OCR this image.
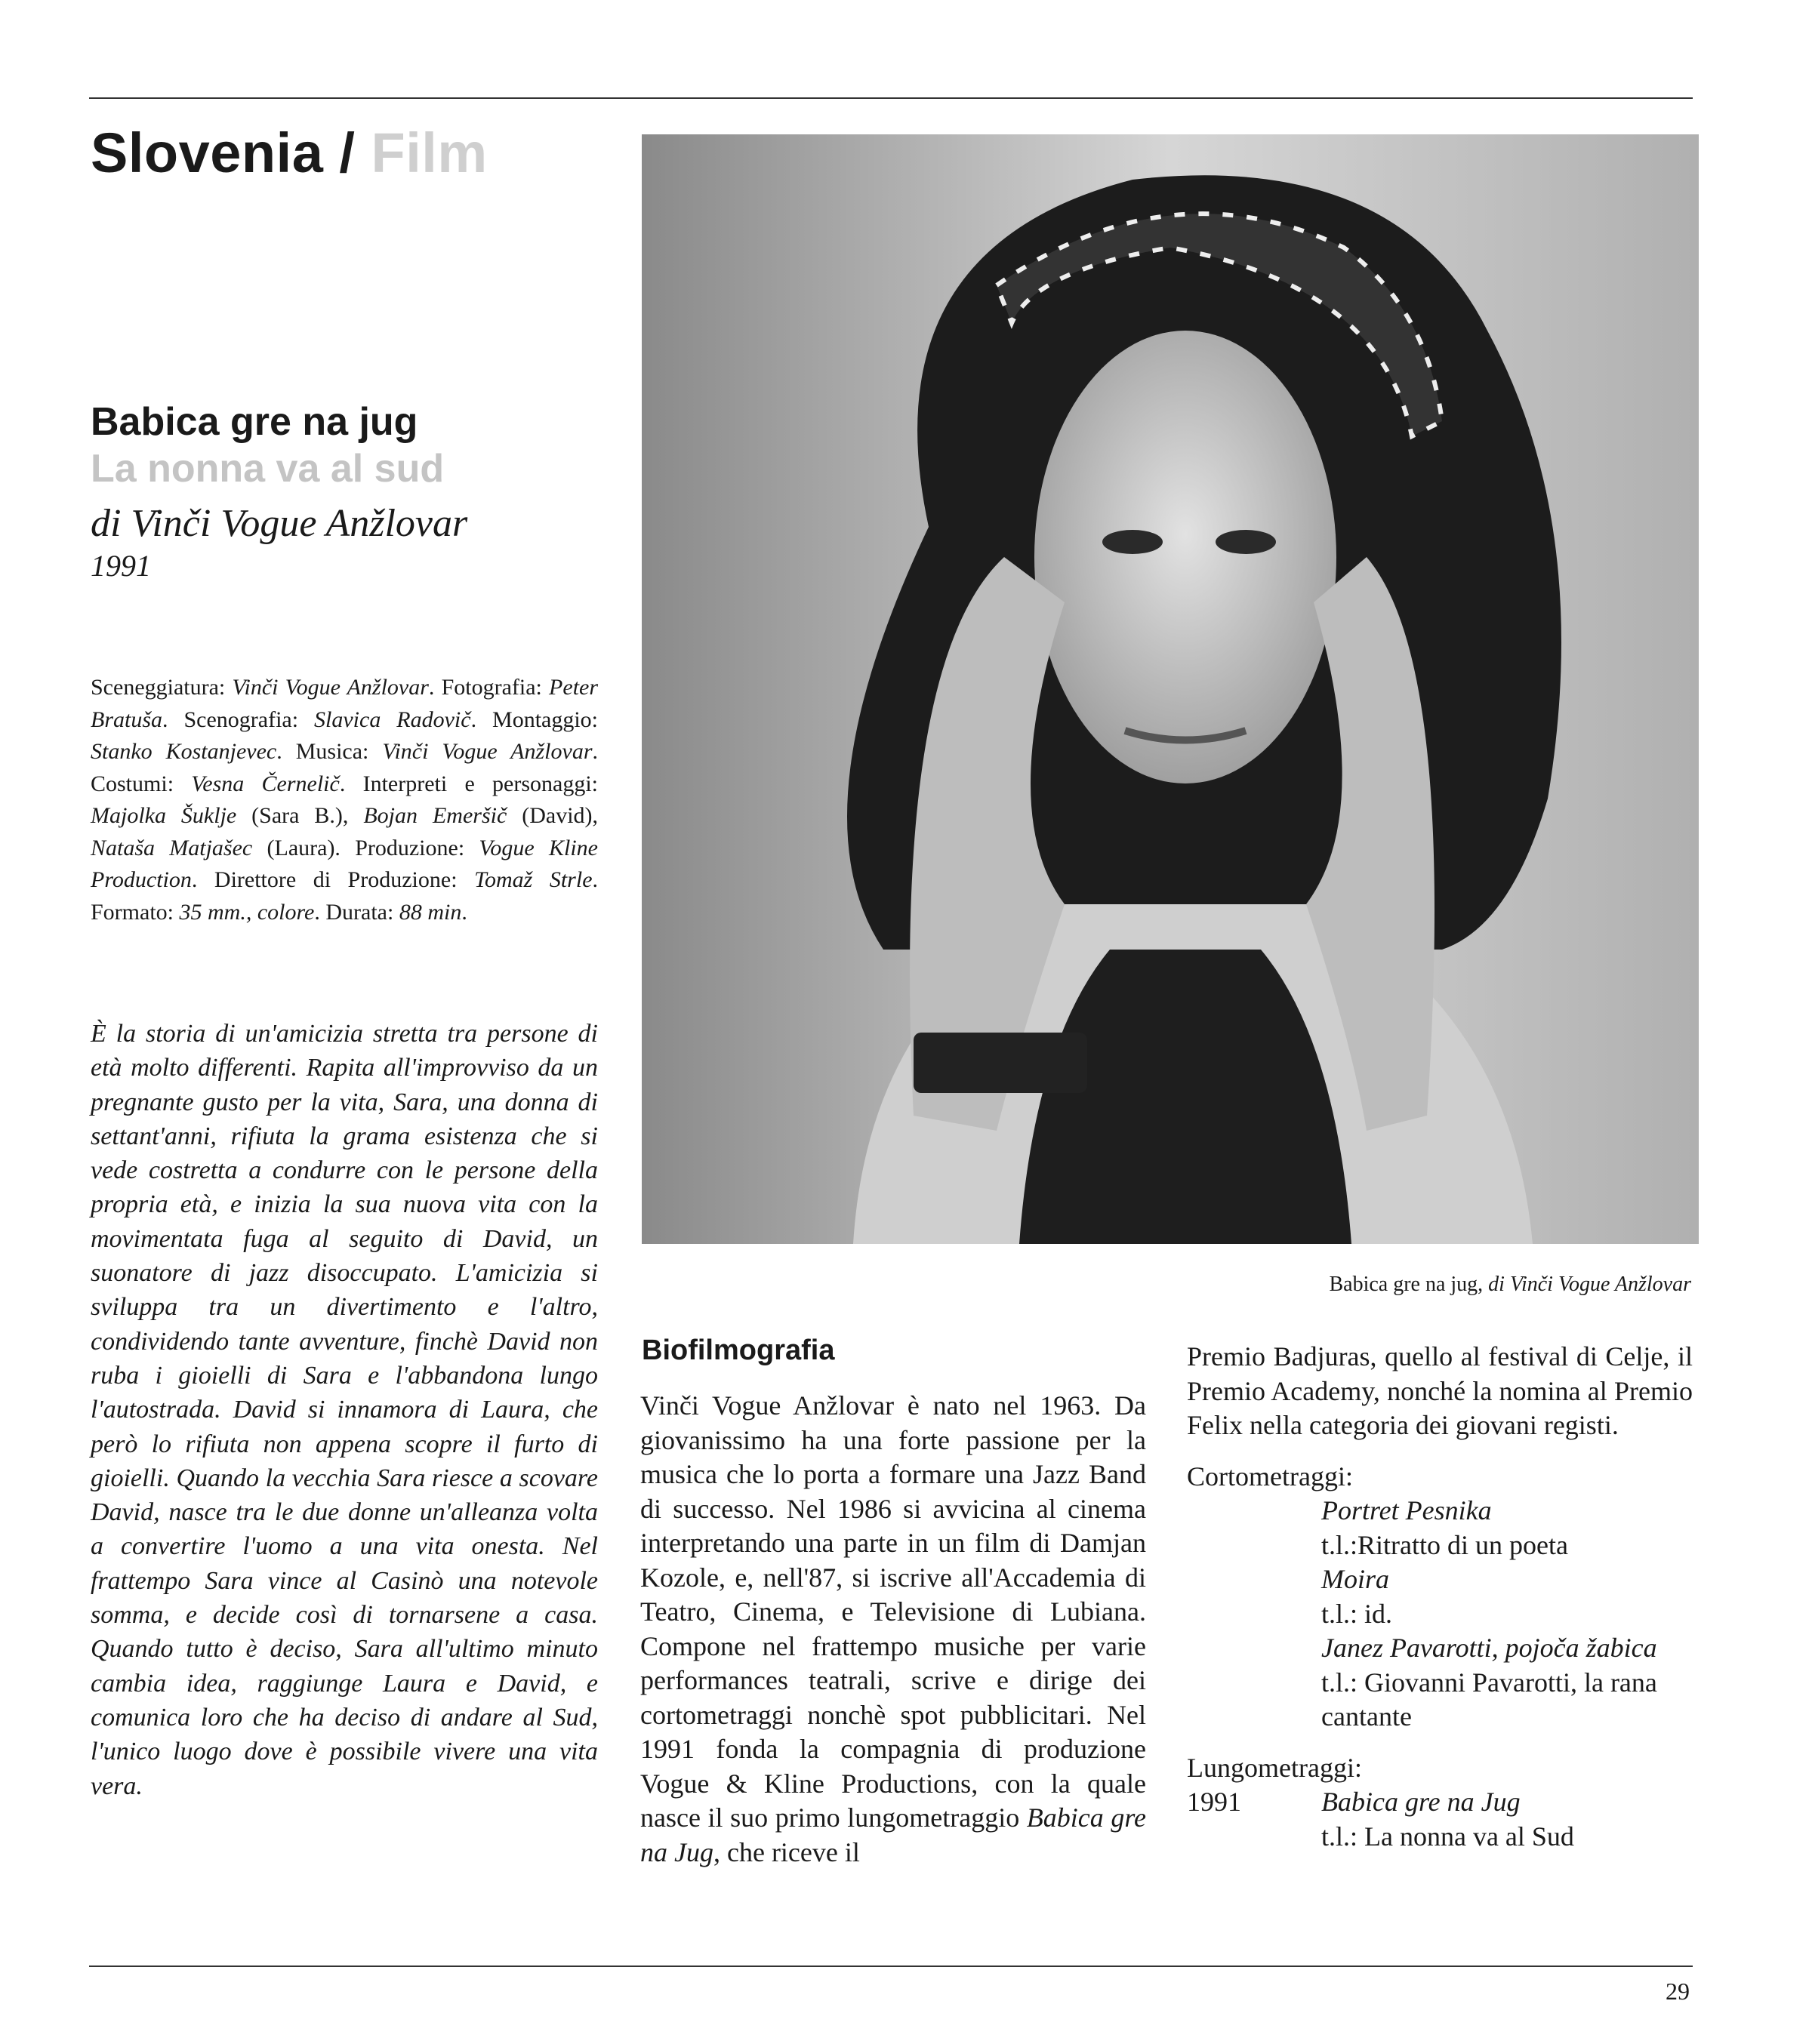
Slovenia / Film

Babica gre na jug

La nonna va al sud

di Vinči Vogue Anžlovar

1991

Sceneggiatura: Vinči Vogue Anžlovar. Fotografia: Peter Bratuša. Scenografia: Slavica Radovič. Montaggio: Stanko Kostanjevec. Musica: Vinči Vogue Anžlovar. Costumi: Vesna Černelič. Interpreti e personaggi: Majolka Šuklje (Sara B.), Bojan Emeršič (David), Nataša Matjašec (Laura). Produzione: Vogue Kline Production. Direttore di Produzione: Tomaž Strle. Formato: 35 mm., colore. Durata: 88 min.
È la storia di un'amicizia stretta tra persone di età molto differenti. Rapita all'improvviso da un pregnante gusto per la vita, Sara, una donna di settant'anni, rifiuta la grama esistenza che si vede costretta a condurre con le persone della propria età, e inizia la sua nuova vita con la movimentata fuga al seguito di David, un suonatore di jazz disoccupato. L'amicizia si sviluppa tra un divertimento e l'altro, condividendo tante avventure, finchè David non ruba i gioielli di Sara e l'abbandona lungo l'autostrada. David si innamora di Laura, che però lo rifiuta non appena scopre il furto di gioielli. Quando la vecchia Sara riesce a scovare David, nasce tra le due donne un'alleanza volta a convertire l'uomo a una vita onesta. Nel frattempo Sara vince al Casinò una notevole somma, e decide così di tornarsene a casa. Quando tutto è deciso, Sara all'ultimo minuto cambia idea, raggiunge Laura e David, e comunica loro che ha deciso di andare al Sud, l'unico luogo dove è possibile vivere una vita vera.
Babica gre na jug, di Vinči Vogue Anžlovar
Biofilmografia
Vinči Vogue Anžlovar è nato nel 1963. Da giovanissimo ha una forte passione per la musica che lo porta a formare una Jazz Band di successo. Nel 1986 si avvicina al cinema interpretando una parte in un film di Damjan Kozole, e, nell'87, si iscrive all'Accademia di Teatro, Cinema, e Televisione di Lubiana. Compone nel frattempo musiche per varie performances teatrali, scrive e dirige dei cortometraggi nonchè spot pubblicitari. Nel 1991 fonda la compagnia di produzione Vogue & Kline Productions, con la quale nasce il suo primo lungometraggio Babica gre na Jug, che riceve il

Premio Badjuras, quello al festival di Celje, il Premio Academy, nonché la nomina al Premio Felix nella categoria dei giovani registi.

Cortometraggi:

Portret Pesnika
t.l.:Ritratto di un poeta
Moira
t.l.: id.
Janez Pavarotti, pojoča žabica
t.l.: Giovanni Pavarotti, la rana cantante

Lungometraggi:

1991	Babica gre na Jug
t.l.: La nonna va al Sud
29
